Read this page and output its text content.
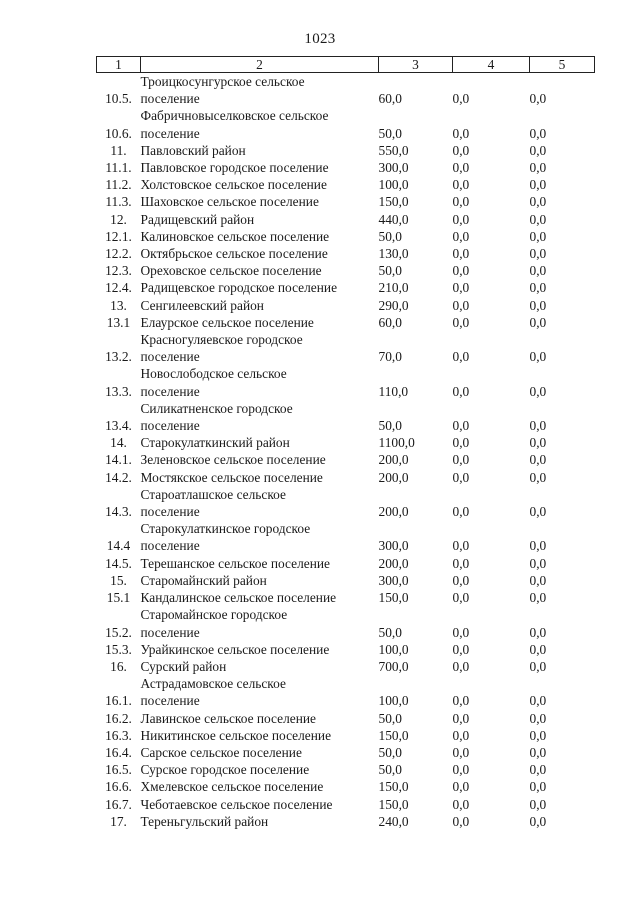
1023
1	2	3	4	5
10.5.	Троицкосунгурское сельское
поселение	60,0	0,0	0,0
10.6.	Фабричновыселковское сельское
поселение	50,0	0,0	0,0
11.	Павловский район	550,0	0,0	0,0
11.1.	Павловское городское поселение	300,0	0,0	0,0
11.2.	Холстовское сельское поселение	100,0	0,0	0,0
11.3.	Шаховское сельское поселение	150,0	0,0	0,0
12.	Радищевский район	440,0	0,0	0,0
12.1.	Калиновское сельское поселение	50,0	0,0	0,0
12.2.	Октябрьское сельское поселение	130,0	0,0	0,0
12.3.	Ореховское сельское поселение	50,0	0,0	0,0
12.4.	Радищевское городское поселение	210,0	0,0	0,0
13.	Сенгилеевский район	290,0	0,0	0,0
13.1	Елаурское сельское поселение	60,0	0,0	0,0
13.2.	Красногуляевское городское
поселение	70,0	0,0	0,0
13.3.	Новослободское сельское
поселение	110,0	0,0	0,0
13.4.	Силикатненское городское
поселение	50,0	0,0	0,0
14.	Старокулаткинский район	1100,0	0,0	0,0
14.1.	Зеленовское сельское поселение	200,0	0,0	0,0
14.2.	Мостякское сельское поселение	200,0	0,0	0,0
14.3.	Староатлашское сельское
поселение	200,0	0,0	0,0
14.4	Старокулаткинское городское
поселение	300,0	0,0	0,0
14.5.	Терешанское сельское поселение	200,0	0,0	0,0
15.	Старомайнский район	300,0	0,0	0,0
15.1	Кандалинское сельское поселение	150,0	0,0	0,0
15.2.	Старомайнское городское
поселение	50,0	0,0	0,0
15.3.	Урайкинское сельское поселение	100,0	0,0	0,0
16.	Сурский район	700,0	0,0	0,0
16.1.	Астрадамовское сельское
поселение	100,0	0,0	0,0
16.2.	Лавинское сельское поселение	50,0	0,0	0,0
16.3.	Никитинское сельское поселение	150,0	0,0	0,0
16.4.	Сарское сельское поселение	50,0	0,0	0,0
16.5.	Сурское городское поселение	50,0	0,0	0,0
16.6.	Хмелевское сельское поселение	150,0	0,0	0,0
16.7.	Чеботаевское сельское поселение	150,0	0,0	0,0
17.	Тереньгульский район	240,0	0,0	0,0
